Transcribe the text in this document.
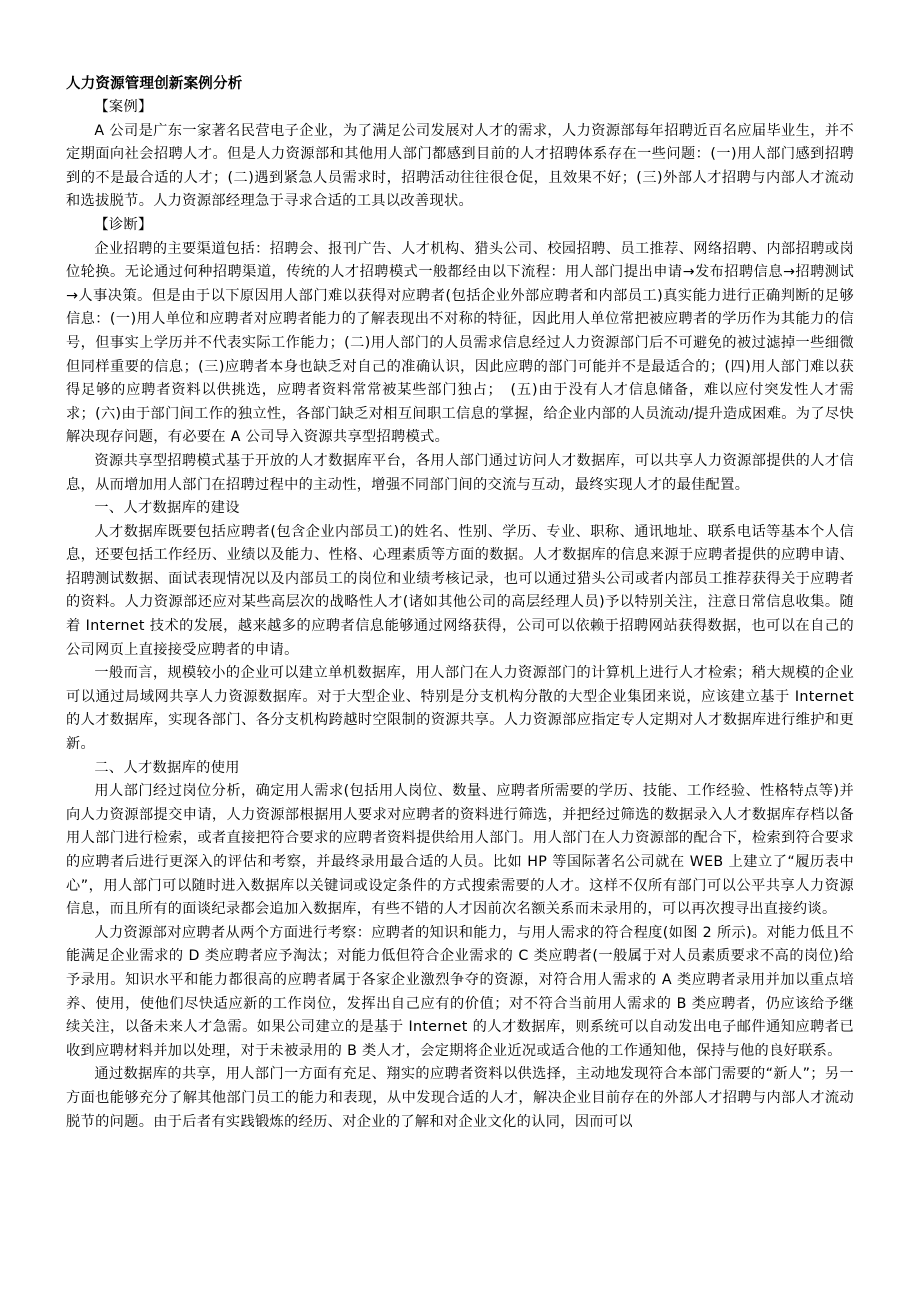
人力资源管理创新案例分析

【案例】

A 公司是广东一家著名民营电子企业，为了满足公司发展对人才的需求，人力资源部每年招聘近百名应届毕业生，并不定期面向社会招聘人才。但是人力资源部和其他用人部门都感到目前的人才招聘体系存在一些问题：(一)用人部门感到招聘到的不是最合适的人才；(二)遇到紧急人员需求时，招聘活动往往很仓促，且效果不好；(三)外部人才招聘与内部人才流动和选拔脱节。人力资源部经理急于寻求合适的工具以改善现状。

【诊断】

企业招聘的主要渠道包括：招聘会、报刊广告、人才机构、猎头公司、校园招聘、员工推荐、网络招聘、内部招聘或岗位轮换。无论通过何种招聘渠道，传统的人才招聘模式一般都经由以下流程：用人部门提出申请→发布招聘信息→招聘测试→人事决策。但是由于以下原因用人部门难以获得对应聘者(包括企业外部应聘者和内部员工)真实能力进行正确判断的足够信息：(一)用人单位和应聘者对应聘者能力的了解表现出不对称的特征，因此用人单位常把被应聘者的学历作为其能力的信号，但事实上学历并不代表实际工作能力；(二)用人部门的人员需求信息经过人力资源部门后不可避免的被过滤掉一些细微但同样重要的信息；(三)应聘者本身也缺乏对自己的准确认识，因此应聘的部门可能并不是最适合的；(四)用人部门难以获得足够的应聘者资料以供挑选，应聘者资料常常被某些部门独占；　(五)由于没有人才信息储备，难以应付突发性人才需求；(六)由于部门间工作的独立性，各部门缺乏对相互间职工信息的掌握，给企业内部的人员流动/提升造成困难。为了尽快解决现存问题，有必要在 A 公司导入资源共享型招聘模式。

资源共享型招聘模式基于开放的人才数据库平台，各用人部门通过访问人才数据库，可以共享人力资源部提供的人才信息，从而增加用人部门在招聘过程中的主动性，增强不同部门间的交流与互动，最终实现人才的最佳配置。

一、人才数据库的建设

人才数据库既要包括应聘者(包含企业内部员工)的姓名、性别、学历、专业、职称、通讯地址、联系电话等基本个人信息，还要包括工作经历、业绩以及能力、性格、心理素质等方面的数据。人才数据库的信息来源于应聘者提供的应聘申请、招聘测试数据、面试表现情况以及内部员工的岗位和业绩考核记录，也可以通过猎头公司或者内部员工推荐获得关于应聘者的资料。人力资源部还应对某些高层次的战略性人才(诸如其他公司的高层经理人员)予以特别关注，注意日常信息收集。随着 Internet 技术的发展，越来越多的应聘者信息能够通过网络获得，公司可以依赖于招聘网站获得数据，也可以在自己的公司网页上直接接受应聘者的申请。

一般而言，规模较小的企业可以建立单机数据库，用人部门在人力资源部门的计算机上进行人才检索；稍大规模的企业可以通过局域网共享人力资源数据库。对于大型企业、特别是分支机构分散的大型企业集团来说，应该建立基于 Internet 的人才数据库，实现各部门、各分支机构跨越时空限制的资源共享。人力资源部应指定专人定期对人才数据库进行维护和更新。

二、人才数据库的使用

用人部门经过岗位分析，确定用人需求(包括用人岗位、数量、应聘者所需要的学历、技能、工作经验、性格特点等)并向人力资源部提交申请，人力资源部根据用人要求对应聘者的资料进行筛选，并把经过筛选的数据录入人才数据库存档以备用人部门进行检索，或者直接把符合要求的应聘者资料提供给用人部门。用人部门在人力资源部的配合下，检索到符合要求的应聘者后进行更深入的评估和考察，并最终录用最合适的人员。比如 HP 等国际著名公司就在 WEB 上建立了“履历表中心”，用人部门可以随时进入数据库以关键词或设定条件的方式搜索需要的人才。这样不仅所有部门可以公平共享人力资源信息，而且所有的面谈纪录都会追加入数据库，有些不错的人才因前次名额关系而未录用的，可以再次搜寻出直接约谈。

人力资源部对应聘者从两个方面进行考察：应聘者的知识和能力，与用人需求的符合程度(如图 2 所示)。对能力低且不能满足企业需求的 D 类应聘者应予淘汰；对能力低但符合企业需求的 C 类应聘者(一般属于对人员素质要求不高的岗位)给予录用。知识水平和能力都很高的应聘者属于各家企业激烈争夺的资源，对符合用人需求的 A 类应聘者录用并加以重点培养、使用，使他们尽快适应新的工作岗位，发挥出自己应有的价值；对不符合当前用人需求的 B 类应聘者，仍应该给予继续关注，以备未来人才急需。如果公司建立的是基于 Internet 的人才数据库，则系统可以自动发出电子邮件通知应聘者已收到应聘材料并加以处理，对于未被录用的 B 类人才，会定期将企业近况或适合他的工作通知他，保持与他的良好联系。

通过数据库的共享，用人部门一方面有充足、翔实的应聘者资料以供选择，主动地发现符合本部门需要的“新人”；另一方面也能够充分了解其他部门员工的能力和表现，从中发现合适的人才，解决企业目前存在的外部人才招聘与内部人才流动脱节的问题。由于后者有实践锻炼的经历、对企业的了解和对企业文化的认同，因而可以
